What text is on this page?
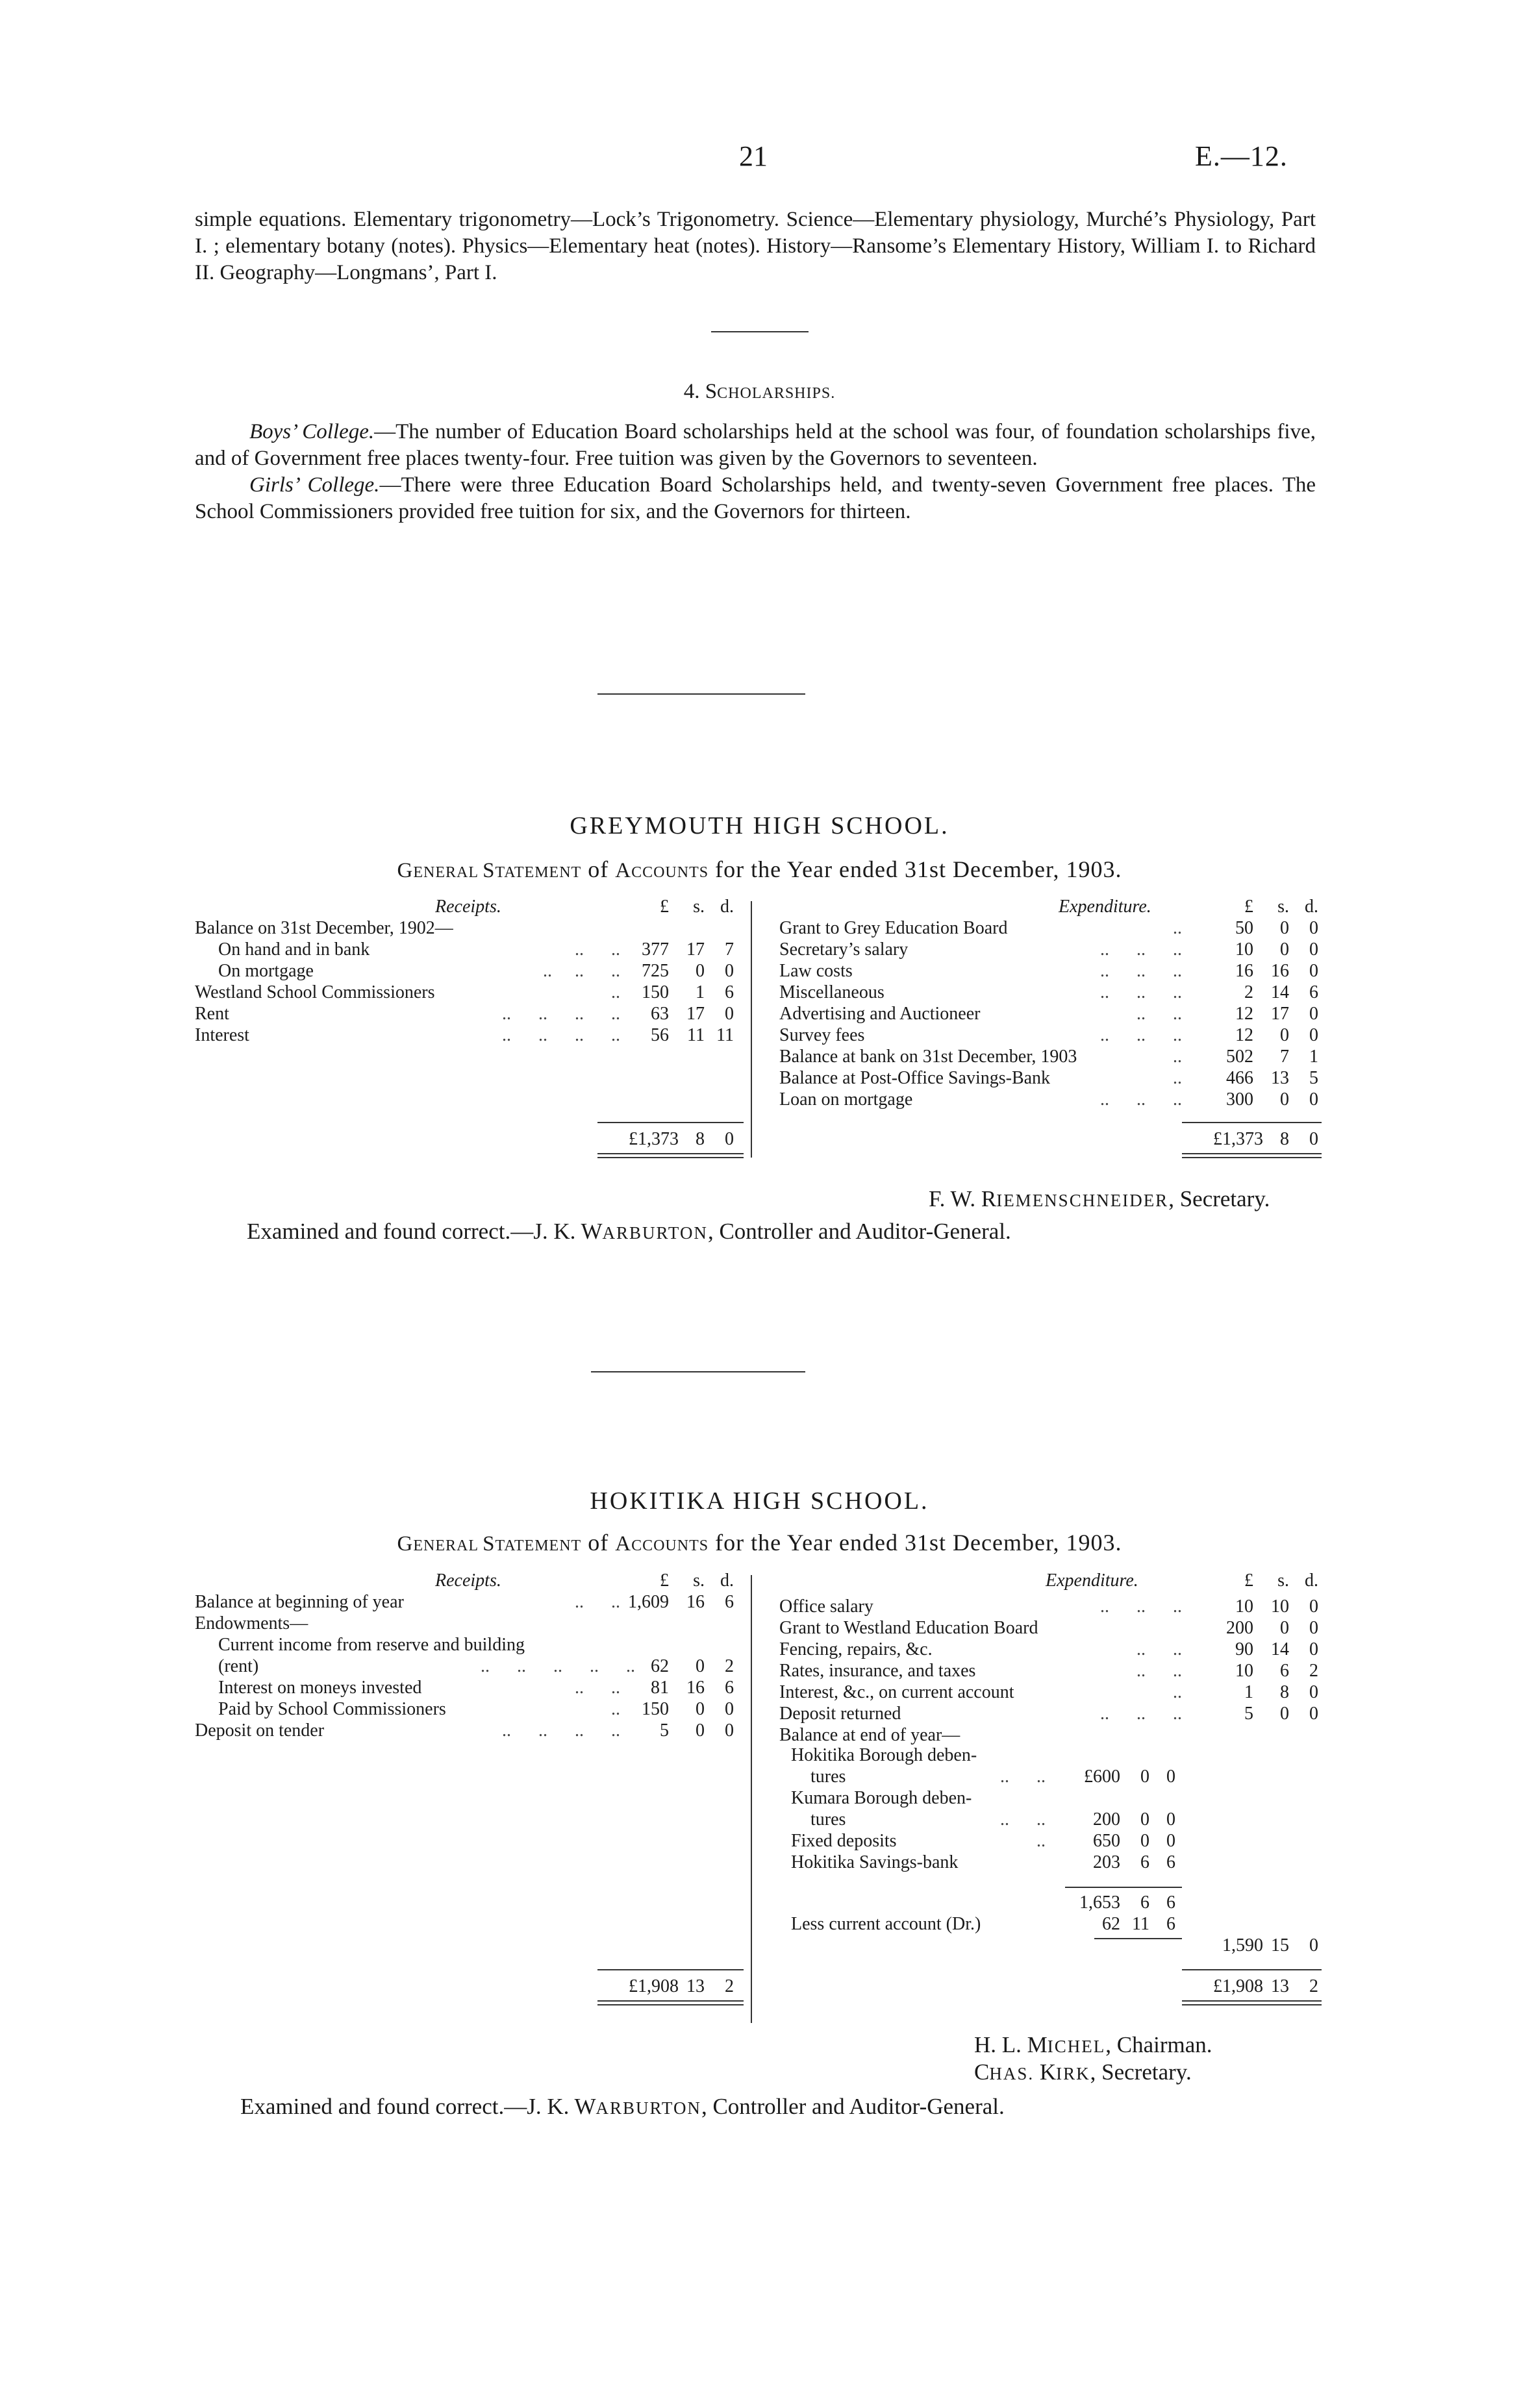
21	E.—12.

simple equations. Elementary trigonometry—Lock’s Trigonometry. Science—Elementary physiology, Murché’s Physiology, Part I. ; elementary botany (notes). Physics—Elementary heat (notes). History—Ransome’s Elementary History, William I. to Richard II. Geography—Longmans’, Part I.

4. SCHOLARSHIPS.

Boys’ College.—The number of Education Board scholarships held at the school was four, of foundation scholarships five, and of Government free places twenty-four. Free tuition was given by the Governors to seventeen.

Girls’ College.—There were three Education Board Scholarships held, and twenty-seven Government free places. The School Commissioners provided free tuition for six, and the Governors for thirteen.

GREYMOUTH HIGH SCHOOL.
GENERAL STATEMENT of ACCOUNTS for the Year ended 31st December, 1903.
Receipts.	£	s. d.	Expenditure.	£	s. d.
Balance on 31st December, 1902—
On hand and in bank	..      ..	377 17	7
On mortgage	..     ..      ..	725	0	0
Westland School Commissioners	..	150	1	6
Rent	..      ..      ..      ..	63 17	0
Interest	..      ..      ..      ..	56	11 11
Grant to Grey Education Board	..	50	0	0
Secretary’s salary	..      ..      ..	10	0	0
Law costs	..      ..      ..	16 16	0
Miscellaneous	..      ..      ..	2 14	6
Advertising and Auctioneer	..      ..	12 17	0
Survey fees	..      ..      ..	12	0	0
Balance at bank on 31st December, 1903	..	502	7	1
Balance at Post-Office Savings-Bank	..	466 13	5
Loan on mortgage	..      ..      ..	300	0	0
£1,373 8	0	£1,373 8	0
F. W. RIEMENSCHNEIDER, Secretary.
Examined and found correct.—J. K. WARBURTON, Controller and Auditor-General.
HOKITIKA HIGH SCHOOL.
GENERAL STATEMENT of ACCOUNTS for the Year ended 31st December, 1903.
Receipts.	£	s. d.	Expenditure.	£	s. d.
Balance at beginning of year	..      .. 1,609 16	6
Endowments—
Current income from reserve and building
(rent)	..      ..      ..      ..      .. 62	0	2
Interest on moneys invested	..      ..	81 16	6
Paid by School Commissioners	..	150	0	0
Deposit on tender	..      ..      ..      ..	5	0	0
Office salary	..      ..      ..	10 10	0
Grant to Westland Education Board	200	0	0
Fencing, repairs, &c.	..      ..	90 14	0
Rates, insurance, and taxes	..      ..	10	6	2
Interest, &c., on current account	..	1	8	0
Deposit returned	..      ..      ..	5	0	0
Balance at end of year—
Hokitika Borough deben-
tures	..      ..	£600	0 0
Kumara Borough deben-
tures	..      ..	200	0 0
Fixed deposits	..	650	0 0
Hokitika Savings-bank	203	6 6
1,653	6 6
Less current account (Dr.)	62 11 6
1,590 15	0
£1,908 13	2	£1,908 13	2
H. L. MICHEL, Chairman.
CHAS. KIRK, Secretary.
Examined and found correct.—J. K. WARBURTON, Controller and Auditor-General.
